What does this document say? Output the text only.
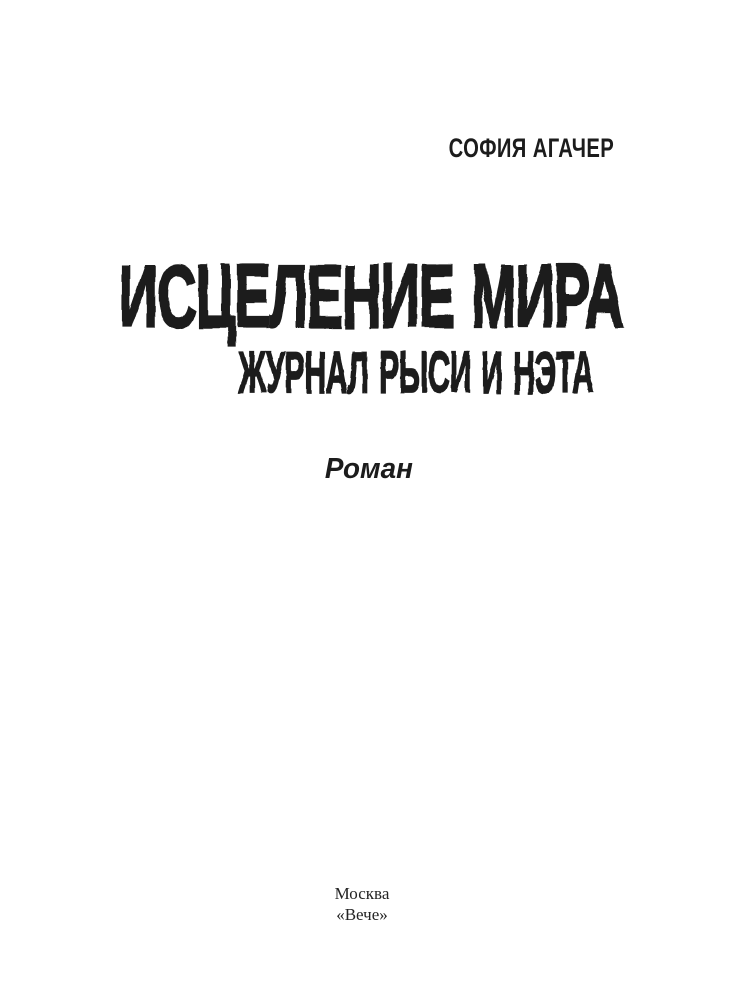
СОФИЯ АГАЧЕР
ИСЦЕЛЕНИЕ МИРА
ЖУРНАЛ РЫСИ И НЭТА
Роман
Москва
«Вече»
